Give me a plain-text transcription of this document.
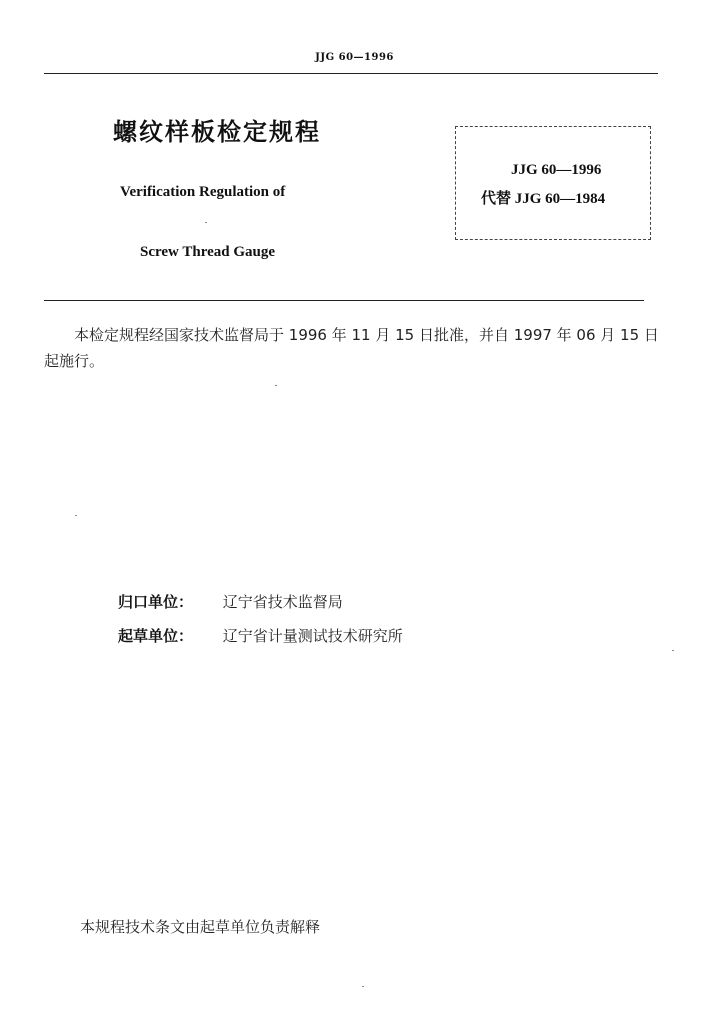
JJG 60—1996
螺纹样板检定规程
Verification Regulation of
Screw Thread Gauge
JJG 60—1996
代替 JJG 60—1984
本检定规程经国家技术监督局于 1996 年 11 月 15 日批准，并自 1997 年 06 月 15 日起施行。
归口单位： 辽宁省技术监督局
起草单位： 辽宁省计量测试技术研究所
本规程技术条文由起草单位负责解释
